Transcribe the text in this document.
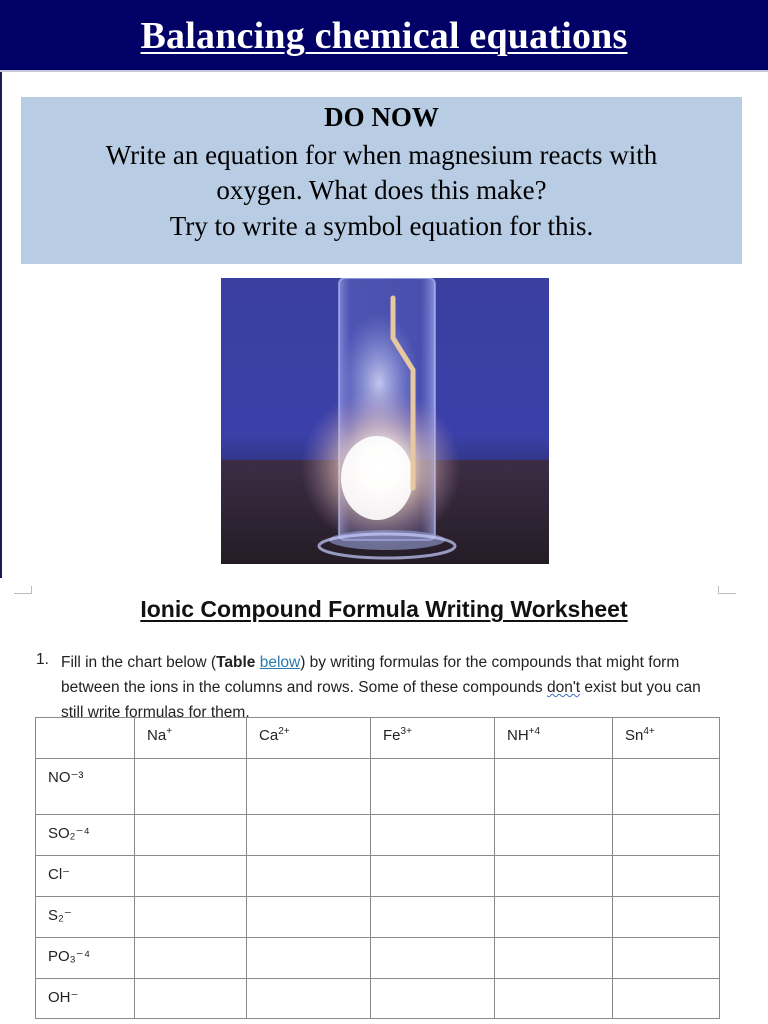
Balancing chemical equations
DO NOW
Write an equation for when magnesium reacts with
oxygen. What does this make?
Try to write a symbol equation for this.
Ionic Compound Formula Writing Worksheet
1. Fill in the chart below (Table below) by writing formulas for the compounds that might form between the ions in the columns and rows. Some of these compounds don't exist but you can still write formulas for them.

	Na+	$Ca^{2+}$	$Fe^{3+}$	$NH^{+4}$	$Sn^{4+}$

NO⁻³					

SO₂⁻⁴					

Cl⁻					

S₂⁻					

PO₃⁻⁴					

OH⁻					
